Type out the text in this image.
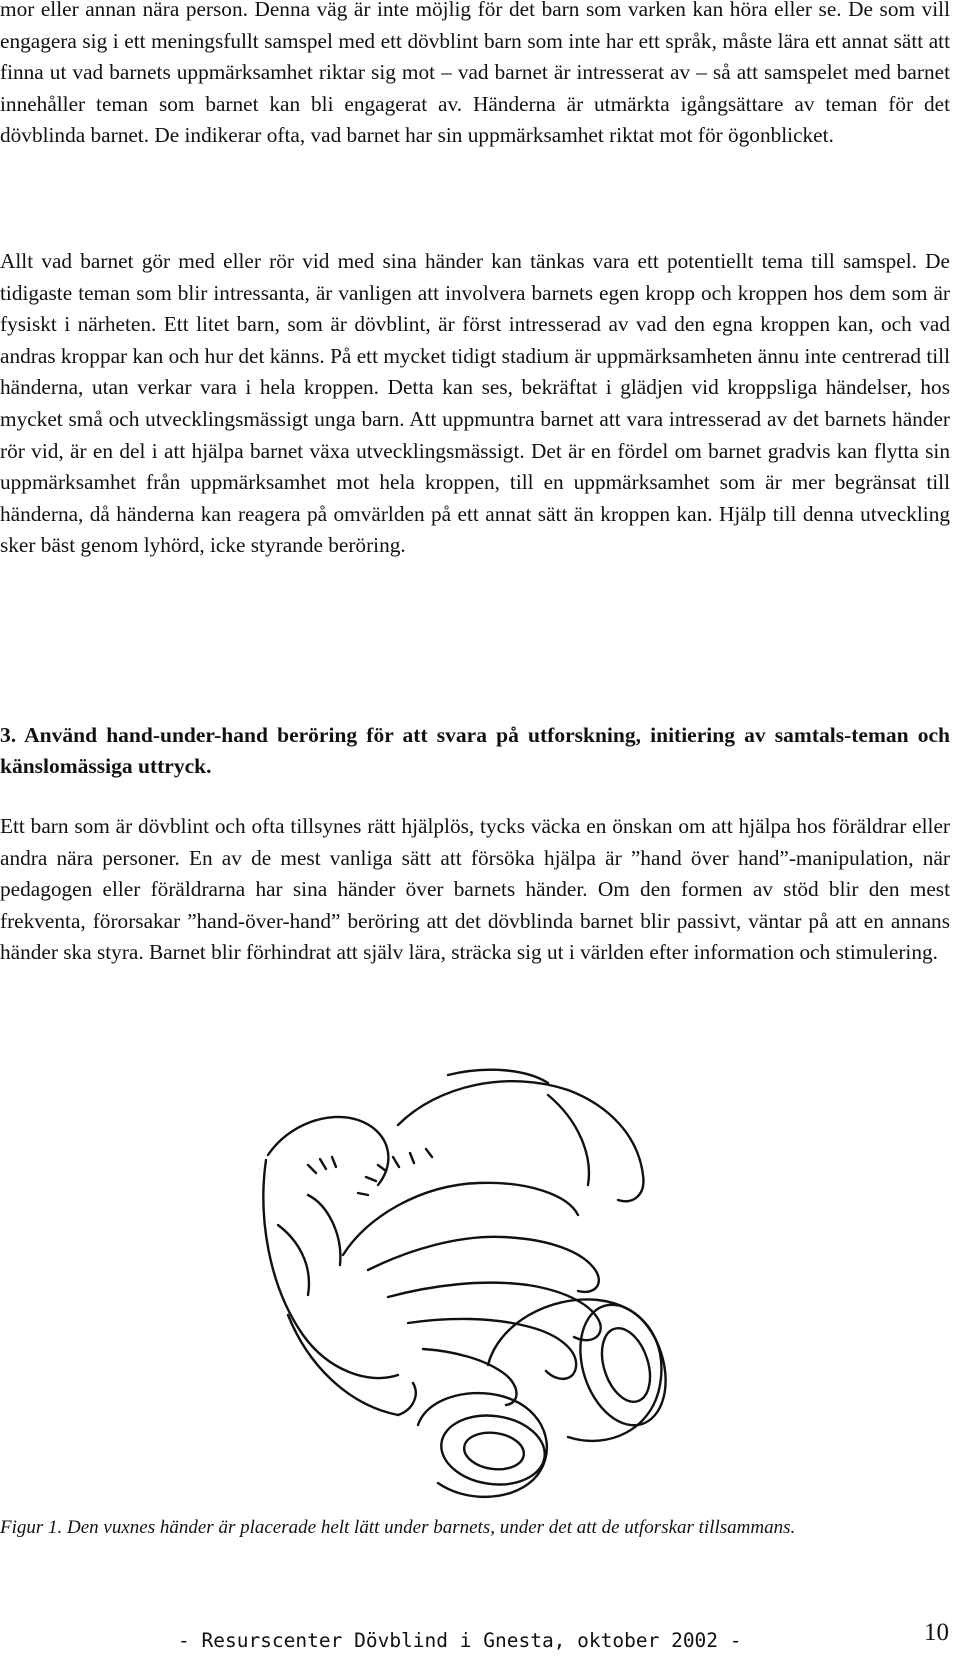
mor eller annan nära person. Denna väg är inte möjlig för det barn som varken kan höra eller se. De som vill engagera sig i ett meningsfullt samspel med ett dövblint barn som inte har ett språk, måste lära ett annat sätt att finna ut vad barnets uppmärksamhet riktar sig mot – vad barnet är intresserat av – så att samspelet med barnet innehåller teman som barnet kan bli engagerat av. Händerna är utmärkta igångsättare av teman för det dövblinda barnet. De indikerar ofta, vad barnet har sin uppmärksamhet riktat mot för ögonblicket.

Allt vad barnet gör med eller rör vid med sina händer kan tänkas vara ett potentiellt tema till samspel. De tidigaste teman som blir intressanta, är vanligen att involvera barnets egen kropp och kroppen hos dem som är fysiskt i närheten. Ett litet barn, som är dövblint, är först intresserad av vad den egna kroppen kan, och vad andras kroppar kan och hur det känns. På ett mycket tidigt stadium är uppmärksamheten ännu inte centrerad till händerna, utan verkar vara i hela kroppen. Detta kan ses, bekräftat i glädjen vid kroppsliga händelser, hos mycket små och utvecklingsmässigt unga barn. Att uppmuntra barnet att vara intresserad av det barnets händer rör vid, är en del i att hjälpa barnet växa utvecklingsmässigt. Det är en fördel om barnet gradvis kan flytta sin uppmärksamhet från uppmärksamhet mot hela kroppen, till en uppmärksamhet som är mer begränsat till händerna, då händerna kan reagera på omvärlden på ett annat sätt än kroppen kan. Hjälp till denna utveckling sker bäst genom lyhörd, icke styrande beröring.

3. Använd hand-under-hand beröring för att svara på utforskning, initiering av samtals-teman och känslomässiga uttryck.

Ett barn som är dövblint och ofta tillsynes rätt hjälplös, tycks väcka en önskan om att hjälpa hos föräldrar eller andra nära personer. En av de mest vanliga sätt att försöka hjälpa är ”hand över hand”-manipulation, när pedagogen eller föräldrarna har sina händer över barnets händer. Om den formen av stöd blir den mest frekventa, förorsakar ”hand-över-hand” beröring att det dövblinda barnet blir passivt, väntar på att en annans händer ska styra. Barnet blir förhindrat att själv lära, sträcka sig ut i världen efter information och stimulering.

Figur 1. Den vuxnes händer är placerade helt lätt under barnets, under det att de utforskar tillsammans.

- Resurscenter Dövblind i Gnesta, oktober 2002 -	10
